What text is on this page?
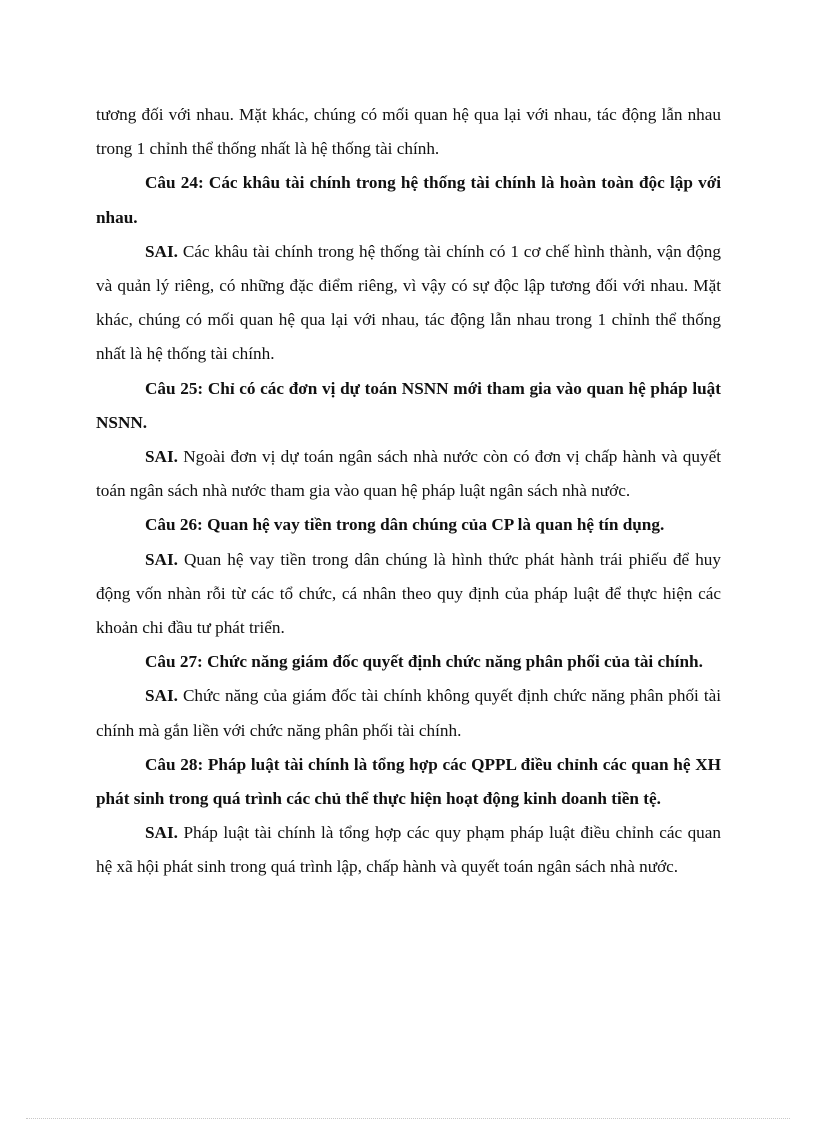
tương đối với nhau. Mặt khác, chúng có mối quan hệ qua lại với nhau, tác động lẫn nhau trong 1 chỉnh thể thống nhất là hệ thống tài chính.

Câu 24: Các khâu tài chính trong hệ thống tài chính là hoàn toàn độc lập với nhau.

SAI. Các khâu tài chính trong hệ thống tài chính có 1 cơ chế hình thành, vận động và quản lý riêng, có những đặc điểm riêng, vì vậy có sự độc lập tương đối với nhau. Mặt khác, chúng có mối quan hệ qua lại với nhau, tác động lẫn nhau trong 1 chỉnh thể thống nhất là hệ thống tài chính.

Câu 25: Chỉ có các đơn vị dự toán NSNN mới tham gia vào quan hệ pháp luật NSNN.

SAI. Ngoài đơn vị dự toán ngân sách nhà nước còn có đơn vị chấp hành và quyết toán ngân sách nhà nước tham gia vào quan hệ pháp luật ngân sách nhà nước.

Câu 26: Quan hệ vay tiền trong dân chúng của CP là quan hệ tín dụng.

SAI. Quan hệ vay tiền trong dân chúng là hình thức phát hành trái phiếu để huy động vốn nhàn rỗi từ các tổ chức, cá nhân theo quy định của pháp luật để thực hiện các khoản chi đầu tư phát triển.

Câu 27: Chức năng giám đốc quyết định chức năng phân phối của tài chính.

SAI. Chức năng của giám đốc tài chính không quyết định chức năng phân phối tài chính mà gắn liền với chức năng phân phối tài chính.

Câu 28: Pháp luật tài chính là tổng hợp các QPPL điều chỉnh các quan hệ XH phát sinh trong quá trình các chủ thể thực hiện hoạt động kinh doanh tiền tệ.

SAI. Pháp luật tài chính là tổng hợp các quy phạm pháp luật điều chỉnh các quan hệ xã hội phát sinh trong quá trình lập, chấp hành và quyết toán ngân sách nhà nước.
